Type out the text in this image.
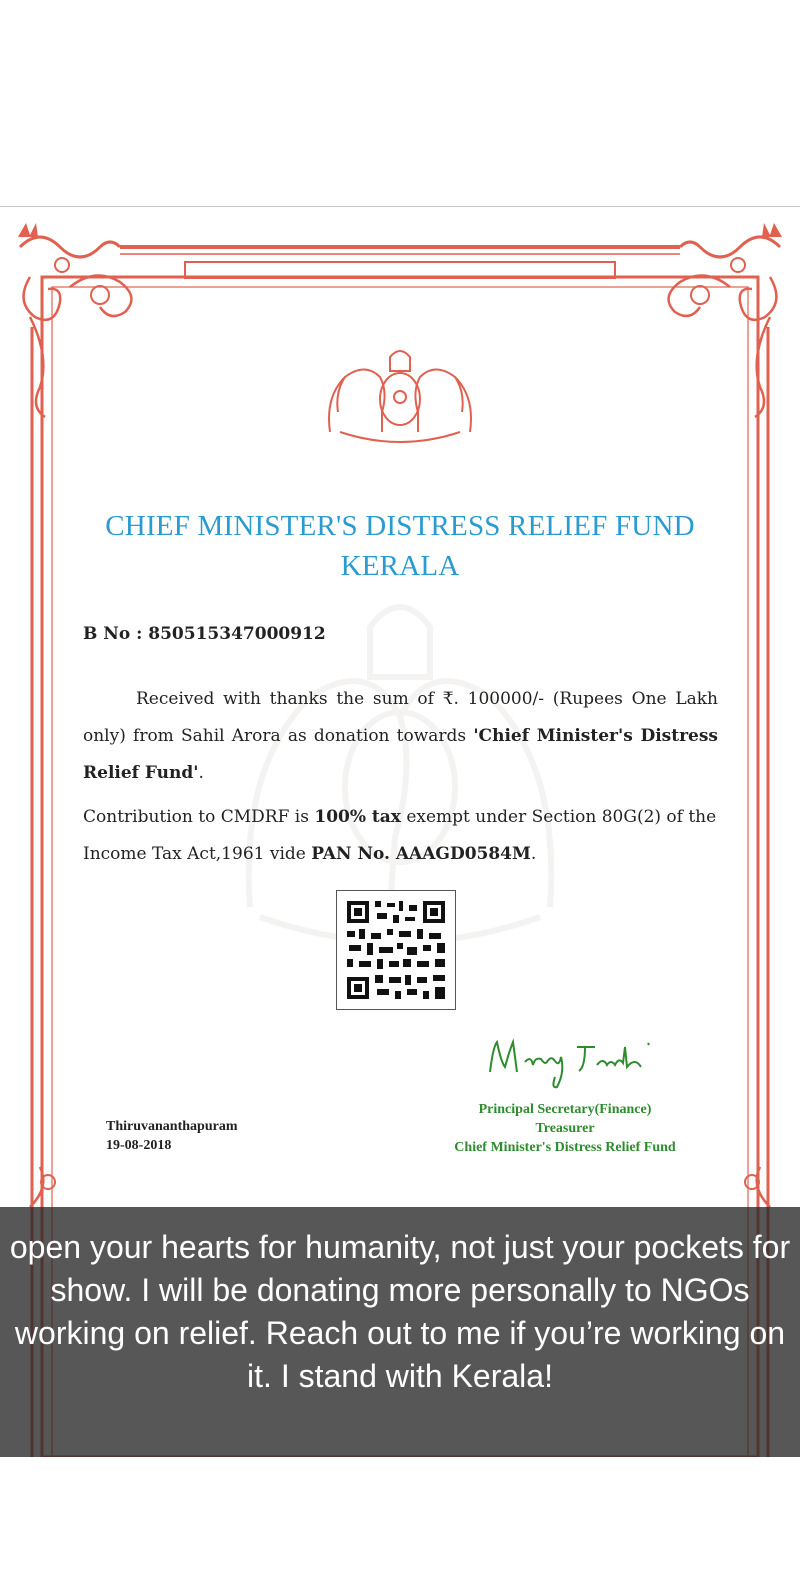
CHIEF MINISTER'S DISTRESS RELIEF FUND
KERALA
B No : 850515347000912
Received with thanks the sum of ₹. 100000/- (Rupees One Lakh only) from Sahil Arora as donation towards 'Chief Minister's Distress Relief Fund'.
Contribution to CMDRF is 100% tax exempt under Section 80G(2) of the Income Tax Act,1961 vide PAN No. AAAGD0584M.
Principal Secretary(Finance)
Treasurer
Chief Minister's Distress Relief Fund
Thiruvananthapuram
19-08-2018
open your hearts for humanity, not just your pockets for show. I will be donating more personally to NGOs working on relief. Reach out to me if you’re working on it. I stand with Kerala!
